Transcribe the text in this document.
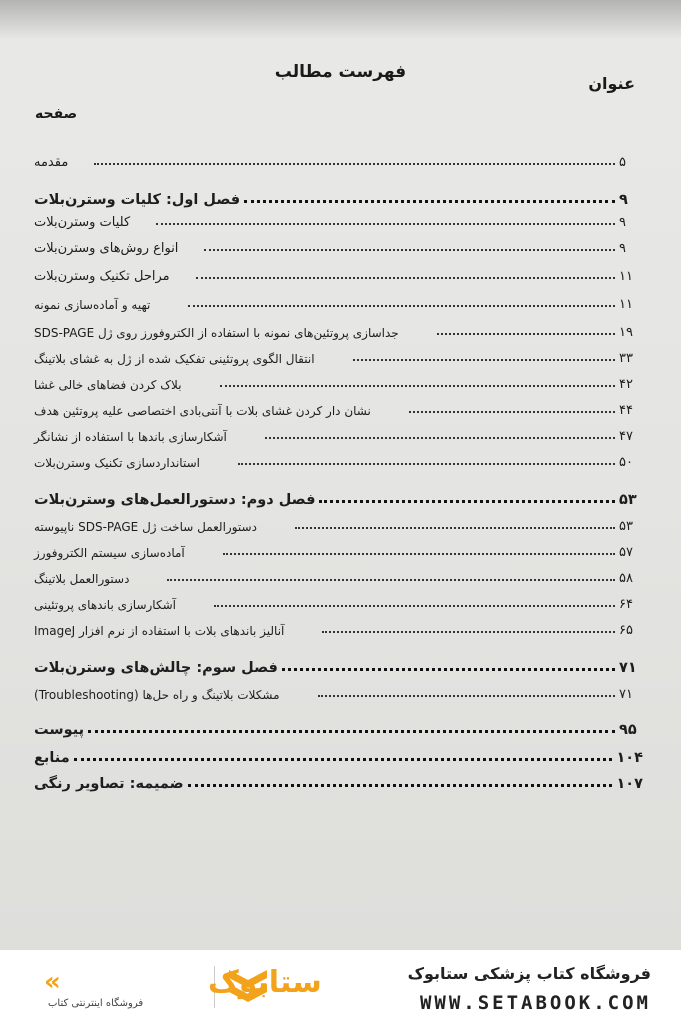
فهرست مطالب
عنوان
صفحه
مقدمه	۵
فصل اول: کلیات وسترن‌بلات	۹
کلیات وسترن‌بلات	۹
انواع روش‌های وسترن‌بلات	۹
مراحل تکنیک وسترن‌بلات	۱۱
تهیه و آماده‌سازی نمونه	۱۱
جداسازی پروتئین‌های نمونه با استفاده از الکتروفورز روی ژل SDS-PAGE	۱۹
انتقال الگوی پروتئینی تفکیک شده از ژل به غشای بلاتینگ	۳۳
بلاک کردن فضاهای خالی غشا	۴۲
نشان دار کردن غشای بلات با آنتی‌بادی اختصاصی علیه پروتئین هدف	۴۴
آشکارسازی باندها با استفاده از نشانگر	۴۷
استانداردسازی تکنیک وسترن‌بلات	۵۰
فصل دوم: دستورالعمل‌های وسترن‌بلات	۵۳
دستورالعمل ساخت ژل SDS-PAGE ناپیوسته	۵۳
آماده‌سازی سیستم الکتروفورز	۵۷
دستورالعمل بلاتینگ	۵۸
آشکارسازی باندهای پروتئینی	۶۴
آنالیز باندهای بلات با استفاده از نرم افزار ImageJ	۶۵
فصل سوم: چالش‌های وسترن‌بلات	۷۱
مشکلات بلاتینگ و راه حل‌ها (Troubleshooting)	۷۱
پیوست	۹۵
منابع	۱۰۴
ضمیمه: تصاویر رنگی	۱۰۷
فروشگاه کتاب پزشکی ستابوک
WWW.SETABOOK.COM
ستابوک
«
فروشگاه اینترنتی کتاب
